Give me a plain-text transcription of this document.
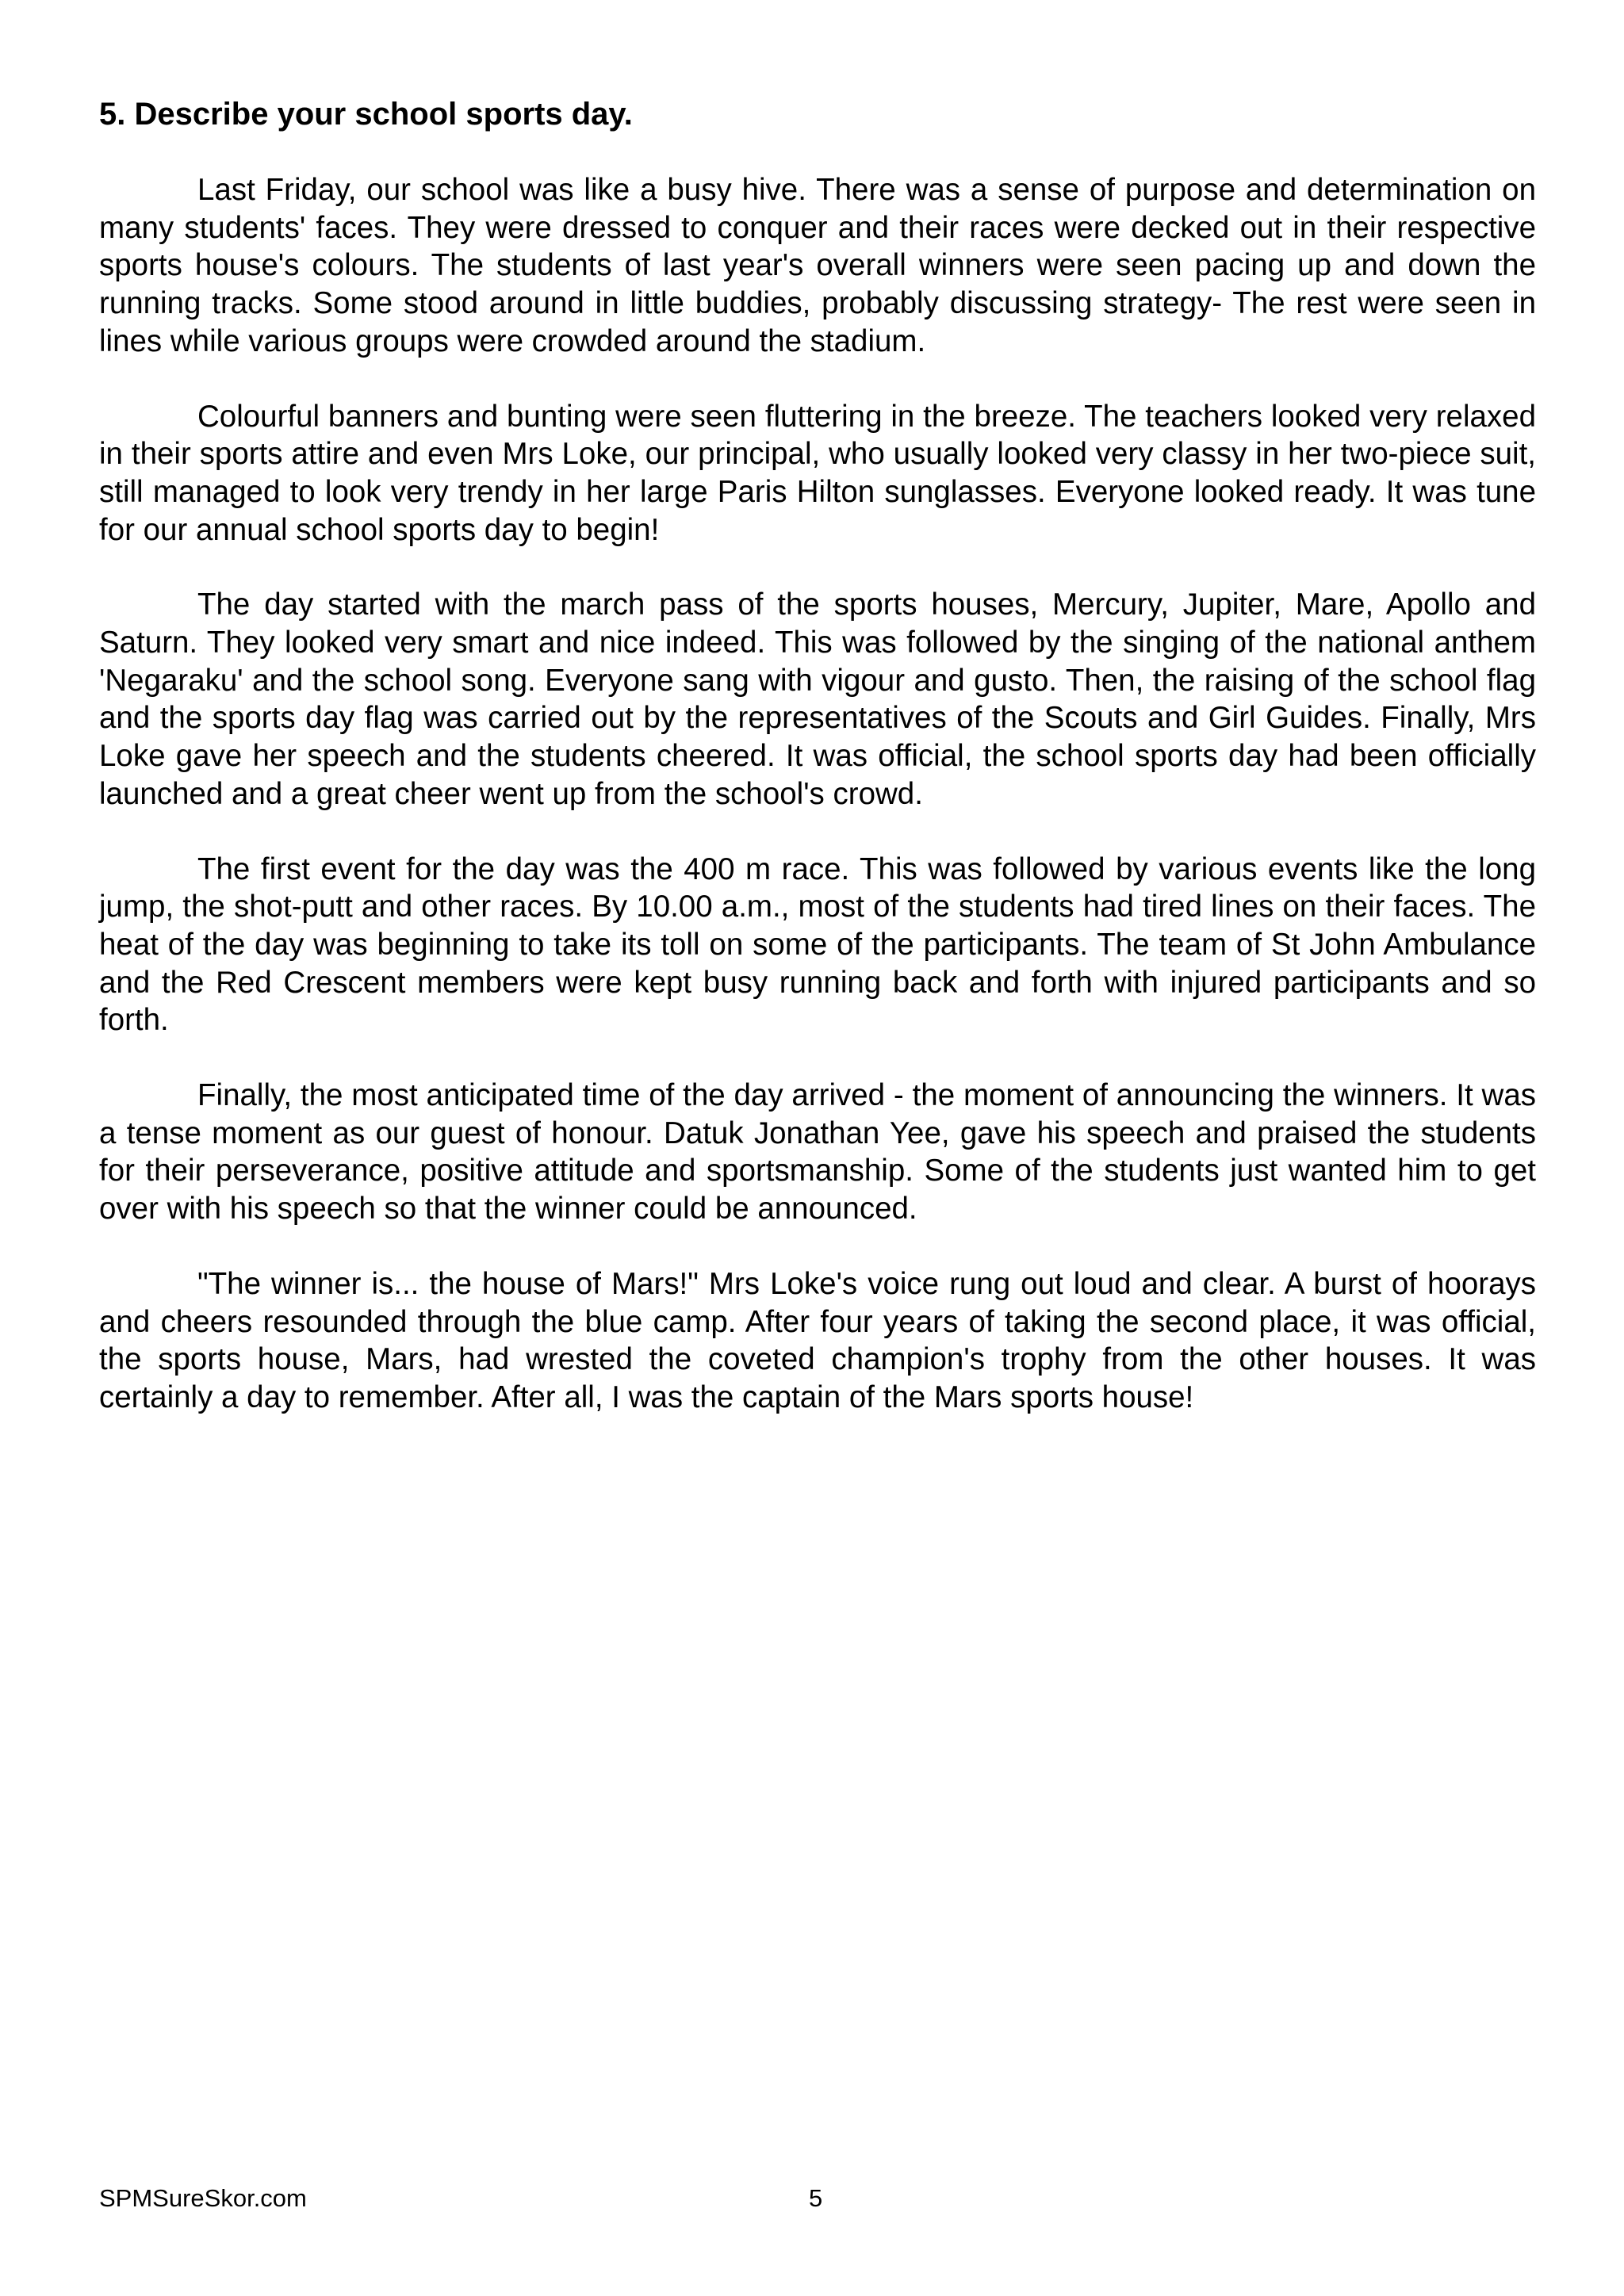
5. Describe your school sports day.

Last Friday, our school was like a busy hive. There was a sense of purpose and determination on many students' faces. They were dressed to conquer and their races were decked out in their respective sports house's colours. The students of last year's overall winners were seen pacing up and down the running tracks. Some stood around in little buddies, probably discussing strategy- The rest were seen in lines while various groups were crowded around the stadium.

Colourful banners and bunting were seen fluttering in the breeze. The teachers looked very relaxed in their sports attire and even Mrs Loke, our principal, who usually looked very classy in her two-piece suit, still managed to look very trendy in her large Paris Hilton sunglasses. Everyone looked ready. It was tune for our annual school sports day to begin!

The day started with the march pass of the sports houses, Mercury, Jupiter, Mare, Apollo and Saturn. They looked very smart and nice indeed. This was followed by the singing of the national anthem 'Negaraku' and the school song. Everyone sang with vigour and gusto. Then, the raising of the school flag and the sports day flag was carried out by the representatives of the Scouts and Girl Guides. Finally, Mrs Loke gave her speech and the students cheered. It was official, the school sports day had been officially launched and a great cheer went up from the school's crowd.

The first event for the day was the 400 m race. This was followed by various events like the long jump, the shot-putt and other races. By 10.00 a.m., most of the students had tired lines on their faces. The heat of the day was beginning to take its toll on some of the participants. The team of St John Ambulance and the Red Crescent members were kept busy running back and forth with injured participants and so forth.

Finally, the most anticipated time of the day arrived - the moment of announcing the winners. It was a tense moment as our guest of honour. Datuk Jonathan Yee, gave his speech and praised the students for their perseverance, positive attitude and sportsmanship. Some of the students just wanted him to get over with his speech so that the winner could be announced.

"The winner is... the house of Mars!" Mrs Loke's voice rung out loud and clear. A burst of hoorays and cheers resounded through the blue camp. After four years of taking the second place, it was official, the sports house, Mars, had wrested the coveted champion's trophy from the other houses. It was certainly a day to remember. After all, I was the captain of the Mars sports house!

SPMSureSkor.com	5
